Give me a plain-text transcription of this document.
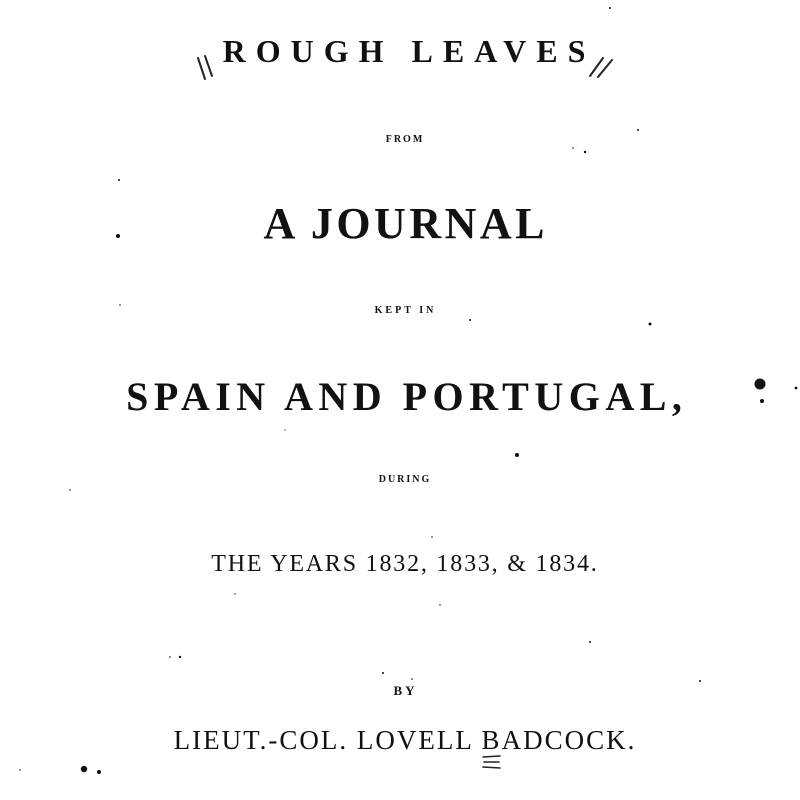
ROUGH LEAVES
FROM
A JOURNAL
KEPT IN
SPAIN AND PORTUGAL,
DURING
THE YEARS 1832, 1833, & 1834.
BY
LIEUT.-COL. LOVELL BADCOCK.
